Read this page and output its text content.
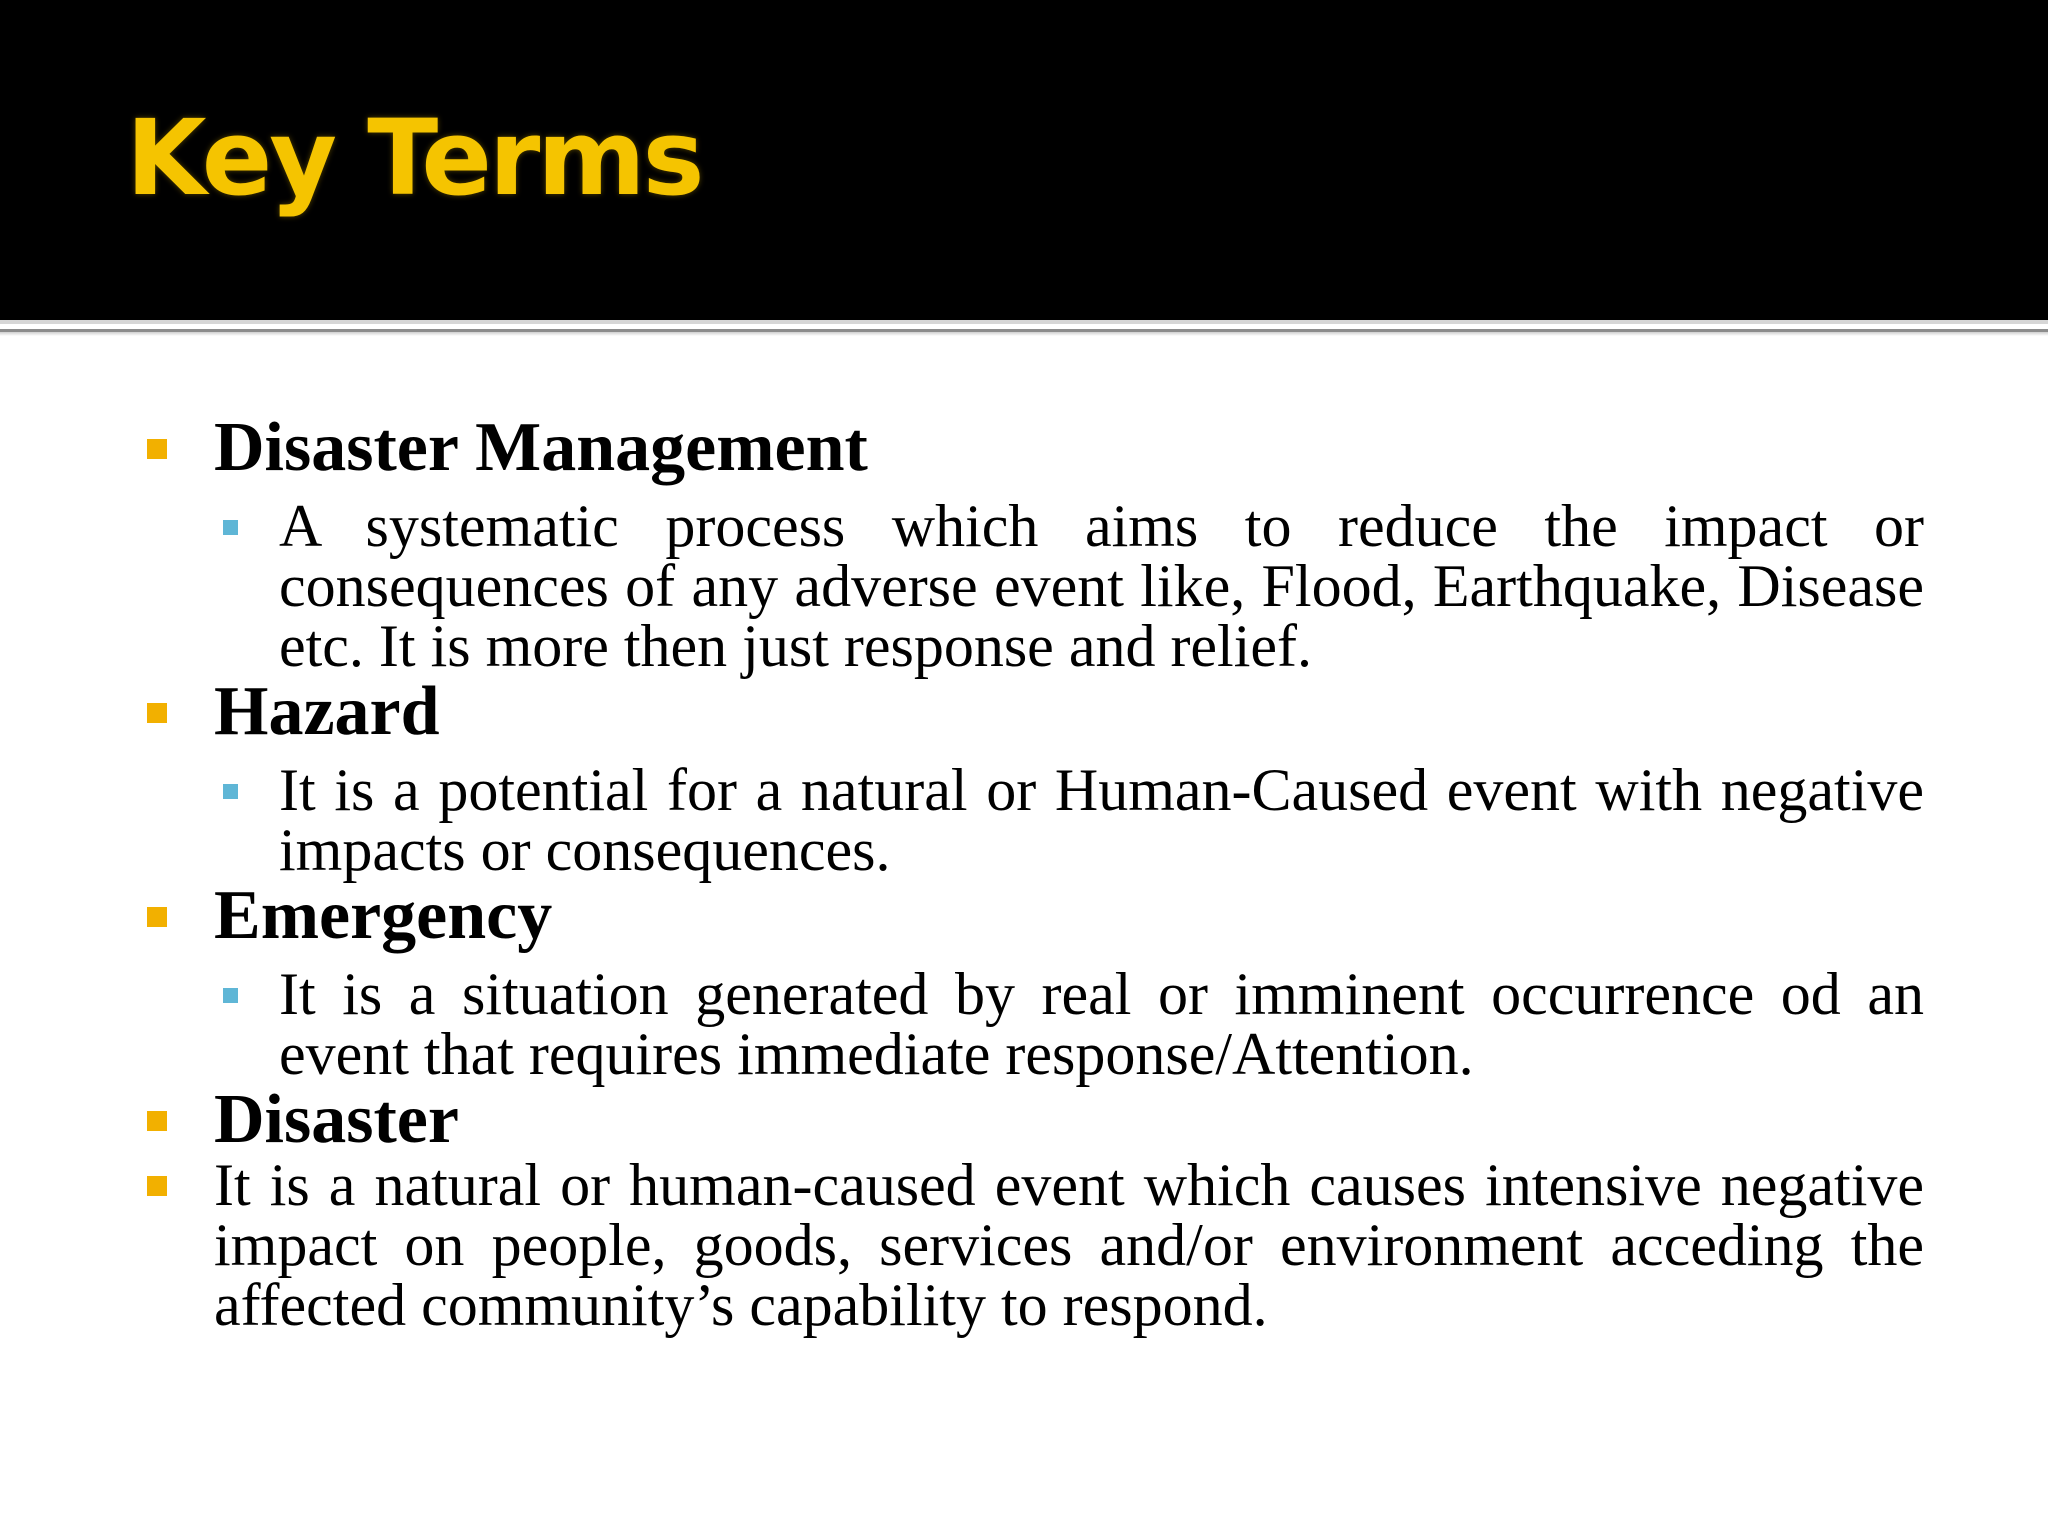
Key Terms
Disaster Management
A systematic process which aims to reduce the impact or consequences of any adverse event like, Flood, Earthquake, Disease etc. It is more then just response and relief.
Hazard
It is a potential for a natural or Human-Caused event with negative impacts or consequences.
Emergency
It is a situation generated by real or imminent occurrence od an event that requires immediate response/Attention.
Disaster
It is a natural or human-caused event which causes intensive negative impact on people, goods, services and/or environment acceding the affected community’s capability to respond.
